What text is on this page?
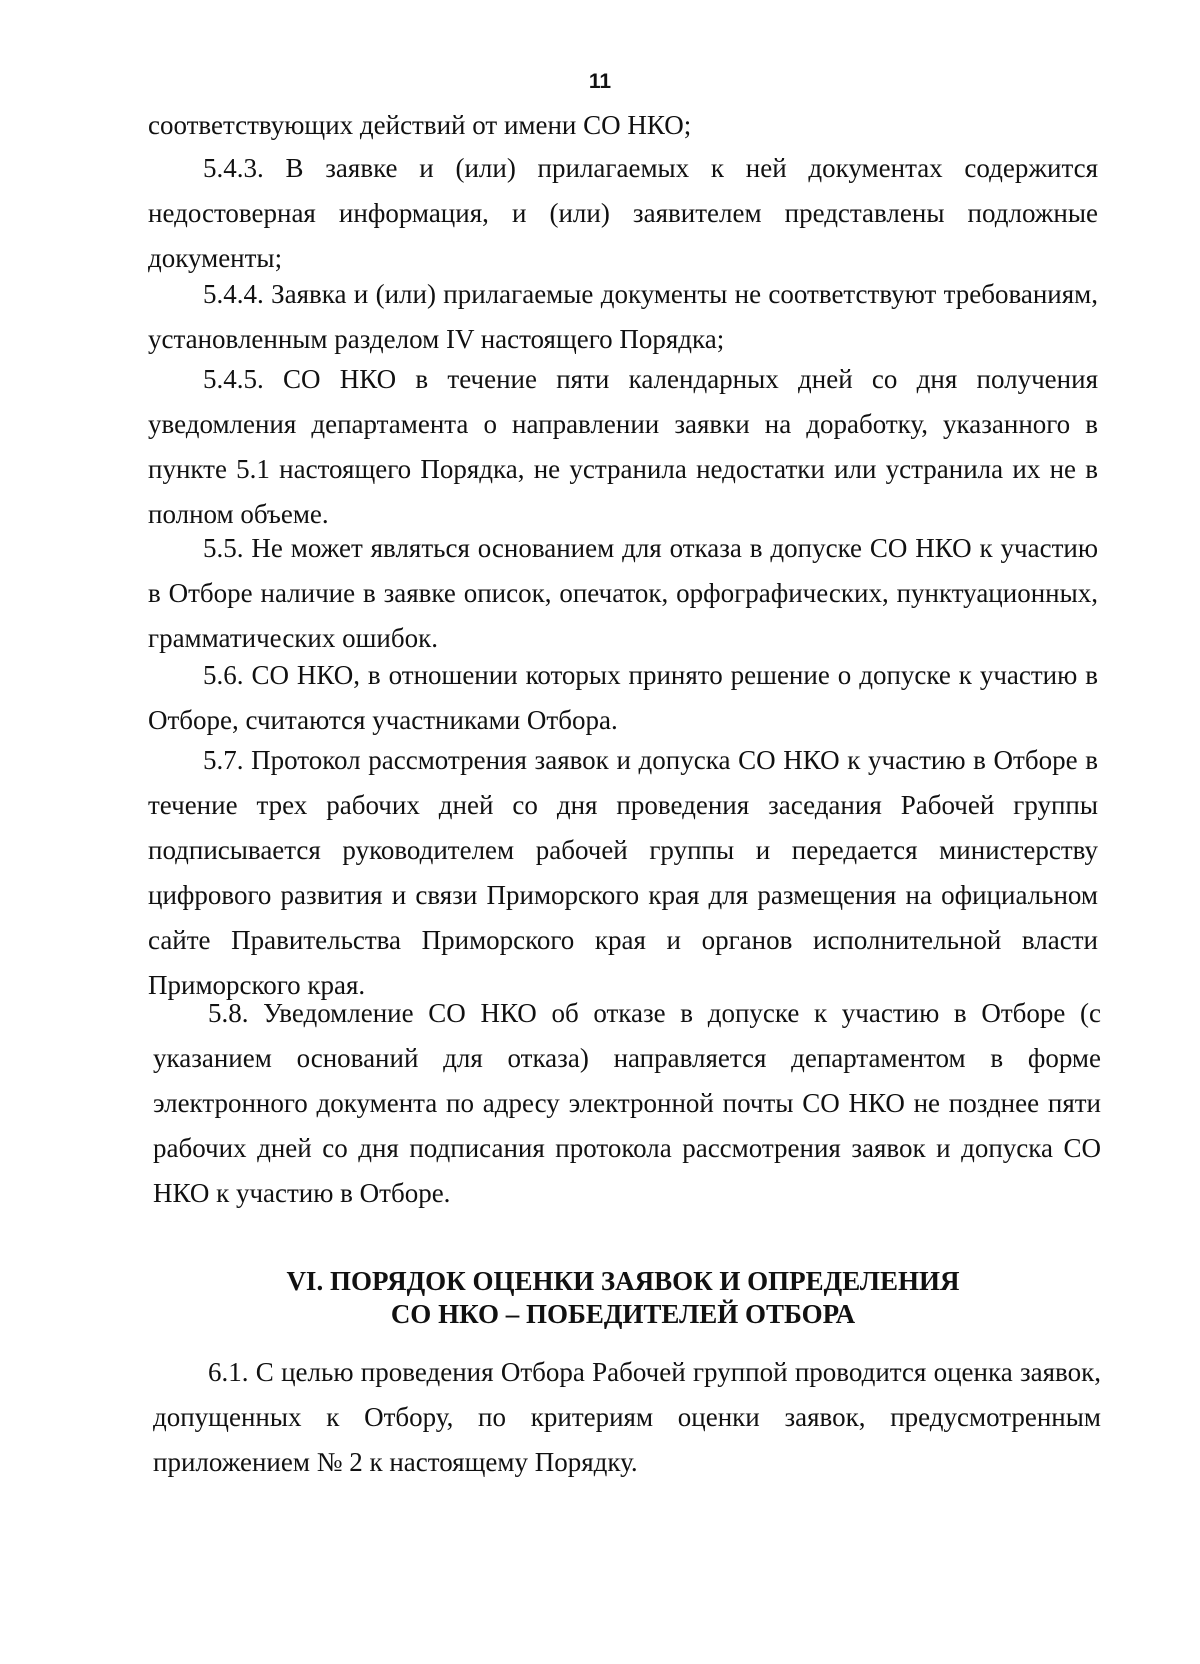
11
соответствующих действий от имени СО НКО;
5.4.3. В заявке и (или) прилагаемых к ней документах содержится недостоверная информация, и (или) заявителем представлены подложные документы;
5.4.4. Заявка и (или) прилагаемые документы не соответствуют требованиям, установленным разделом IV настоящего Порядка;
5.4.5. СО НКО в течение пяти календарных дней со дня получения уведомления департамента о направлении заявки на доработку, указанного в пункте 5.1 настоящего Порядка, не устранила недостатки или устранила их не в полном объеме.
5.5. Не может являться основанием для отказа в допуске СО НКО к участию в Отборе наличие в заявке описок, опечаток, орфографических, пунктуационных, грамматических ошибок.
5.6. СО НКО, в отношении которых принято решение о допуске к участию в Отборе, считаются участниками Отбора.
5.7. Протокол рассмотрения заявок и допуска СО НКО к участию в Отборе в течение трех рабочих дней со дня проведения заседания Рабочей группы подписывается руководителем рабочей группы и передается министерству цифрового развития и связи Приморского края для размещения на официальном сайте Правительства Приморского края и органов исполнительной власти Приморского края.
5.8. Уведомление СО НКО об отказе в допуске к участию в Отборе (с указанием оснований для отказа) направляется департаментом в форме электронного документа по адресу электронной почты СО НКО не позднее пяти рабочих дней со дня подписания протокола рассмотрения заявок и допуска СО НКО к участию в Отборе.
VI. ПОРЯДОК ОЦЕНКИ ЗАЯВОК И ОПРЕДЕЛЕНИЯ
СО НКО – ПОБЕДИТЕЛЕЙ ОТБОРА
6.1. С целью проведения Отбора Рабочей группой проводится оценка заявок, допущенных к Отбору, по критериям оценки заявок, предусмотренным приложением № 2 к настоящему Порядку.
